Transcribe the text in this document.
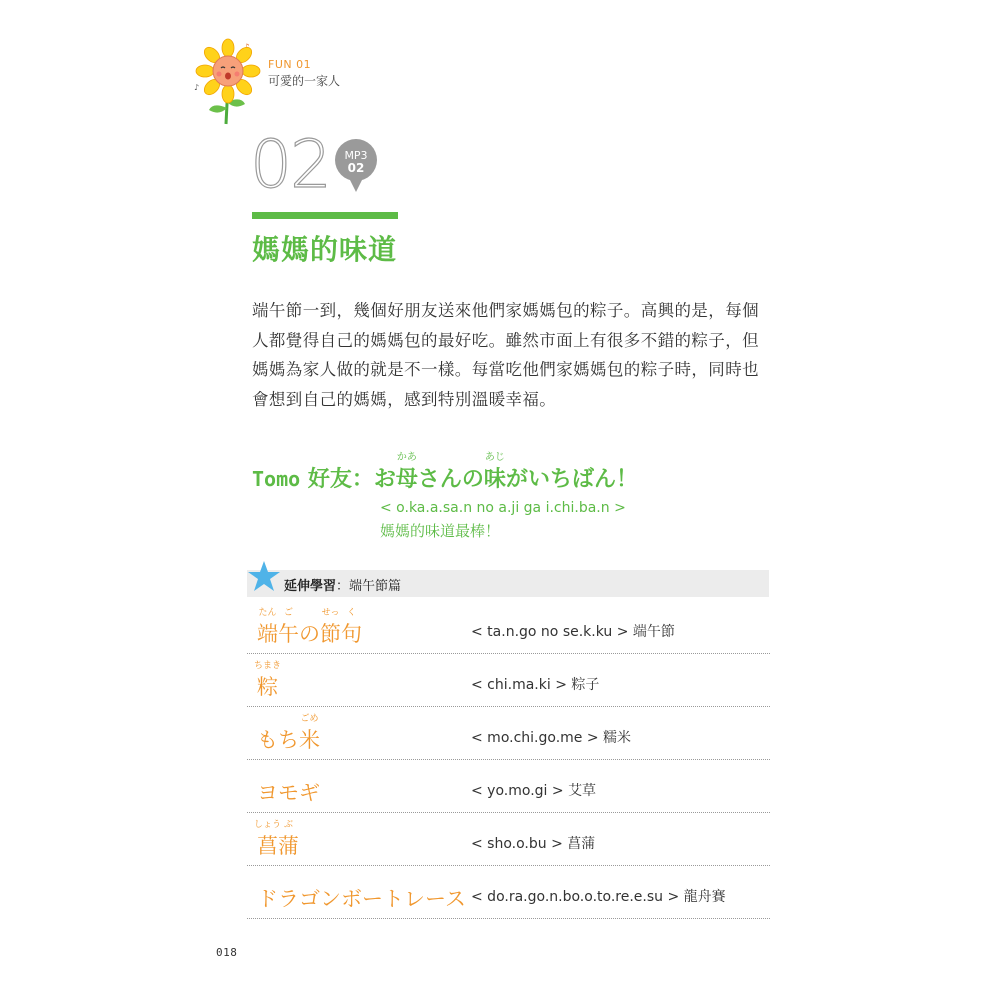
♪
FUN 01
可愛的一家人
02	MP3
02
媽媽的味道
端午節一到，幾個好朋友送來他們家媽媽包的粽子。高興的是，每個人都覺得自己的媽媽包的最好吃。雖然市面上有很多不錯的粽子，但媽媽為家人做的就是不一樣。每當吃他們家媽媽包的粽子時，同時也會想到自己的媽媽，感到特別溫暖幸福。
Tomo 好友：お
かあ
母さんの
あじ
味がいちばん！
< o.ka.a.sa.n no a.ji ga i.chi.ba.n >
媽媽的味道最棒！
延伸學習：端午節篇
たん
端
ご
午の
せっ
節
く
句	< ta.n.go no se.k.ku > 端午節
ちまき
粽	< chi.ma.ki > 粽子
もち
ごめ
米	< mo.chi.go.me > 糯米
ヨモギ	< yo.mo.gi > 艾草
しょう
菖
ぶ
蒲	< sho.o.bu > 菖蒲
ドラゴンボートレース < do.ra.go.n.bo.o.to.re.e.su > 龍舟賽
018
